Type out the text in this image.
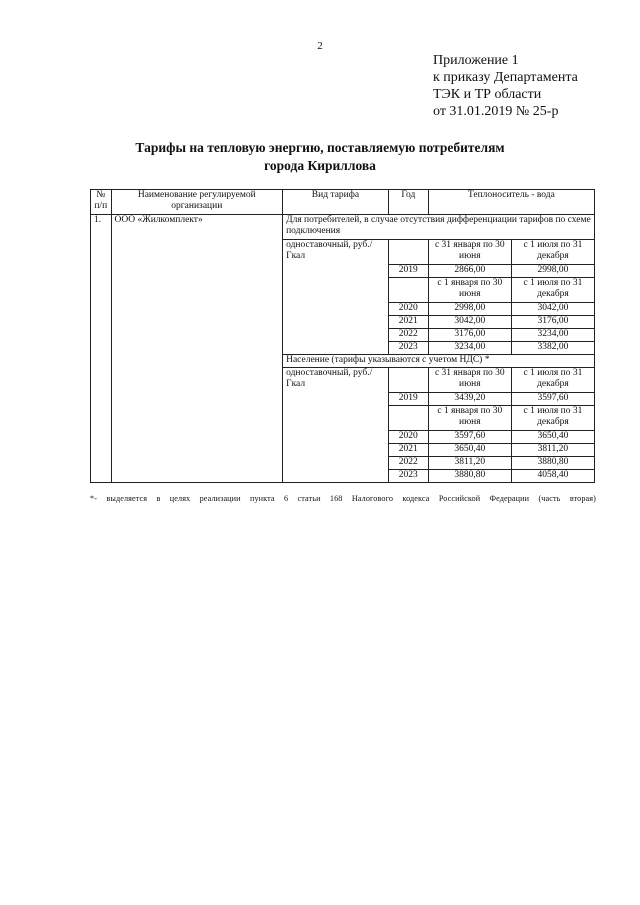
2
Приложение 1
к приказу Департамента
ТЭК и ТР области
от 31.01.2019 № 25-р
Тарифы на тепловую энергию, поставляемую потребителям
города Кириллова
№ п/п	Наименование регулируемой организации	Вид тарифа	Год	Теплоноситель - вода	
1.	ООО «Жилкомплект»	Для потребителей, в случае отсутствия дифференциации тарифов по схеме подключения			
		одноставочный, руб./Гкал		с 31 января по 30 июня	с 1 июля по 31 декабря
			2019	2866,00	2998,00
				с 1 января по 30 июня	с 1 июля по 31 декабря
			2020	2998,00	3042,00
			2021	3042,00	3176,00
			2022	3176,00	3234,00
			2023	3234,00	3382,00
		Население (тарифы указываются с учетом НДС) *			
		одноставочный, руб./Гкал		с 31 января по 30 июня	с 1 июля по 31 декабря
			2019	3439,20	3597,60
				с 1 января по 30 июня	с 1 июля по 31 декабря
			2020	3597,60	3650,40
			2021	3650,40	3811,20
			2022	3811,20	3880,80
			2023	3880,80	4058,40
*- выделяется в целях реализации пункта 6 статьи 168 Налогового кодекса Российской Федерации (часть вторая)
